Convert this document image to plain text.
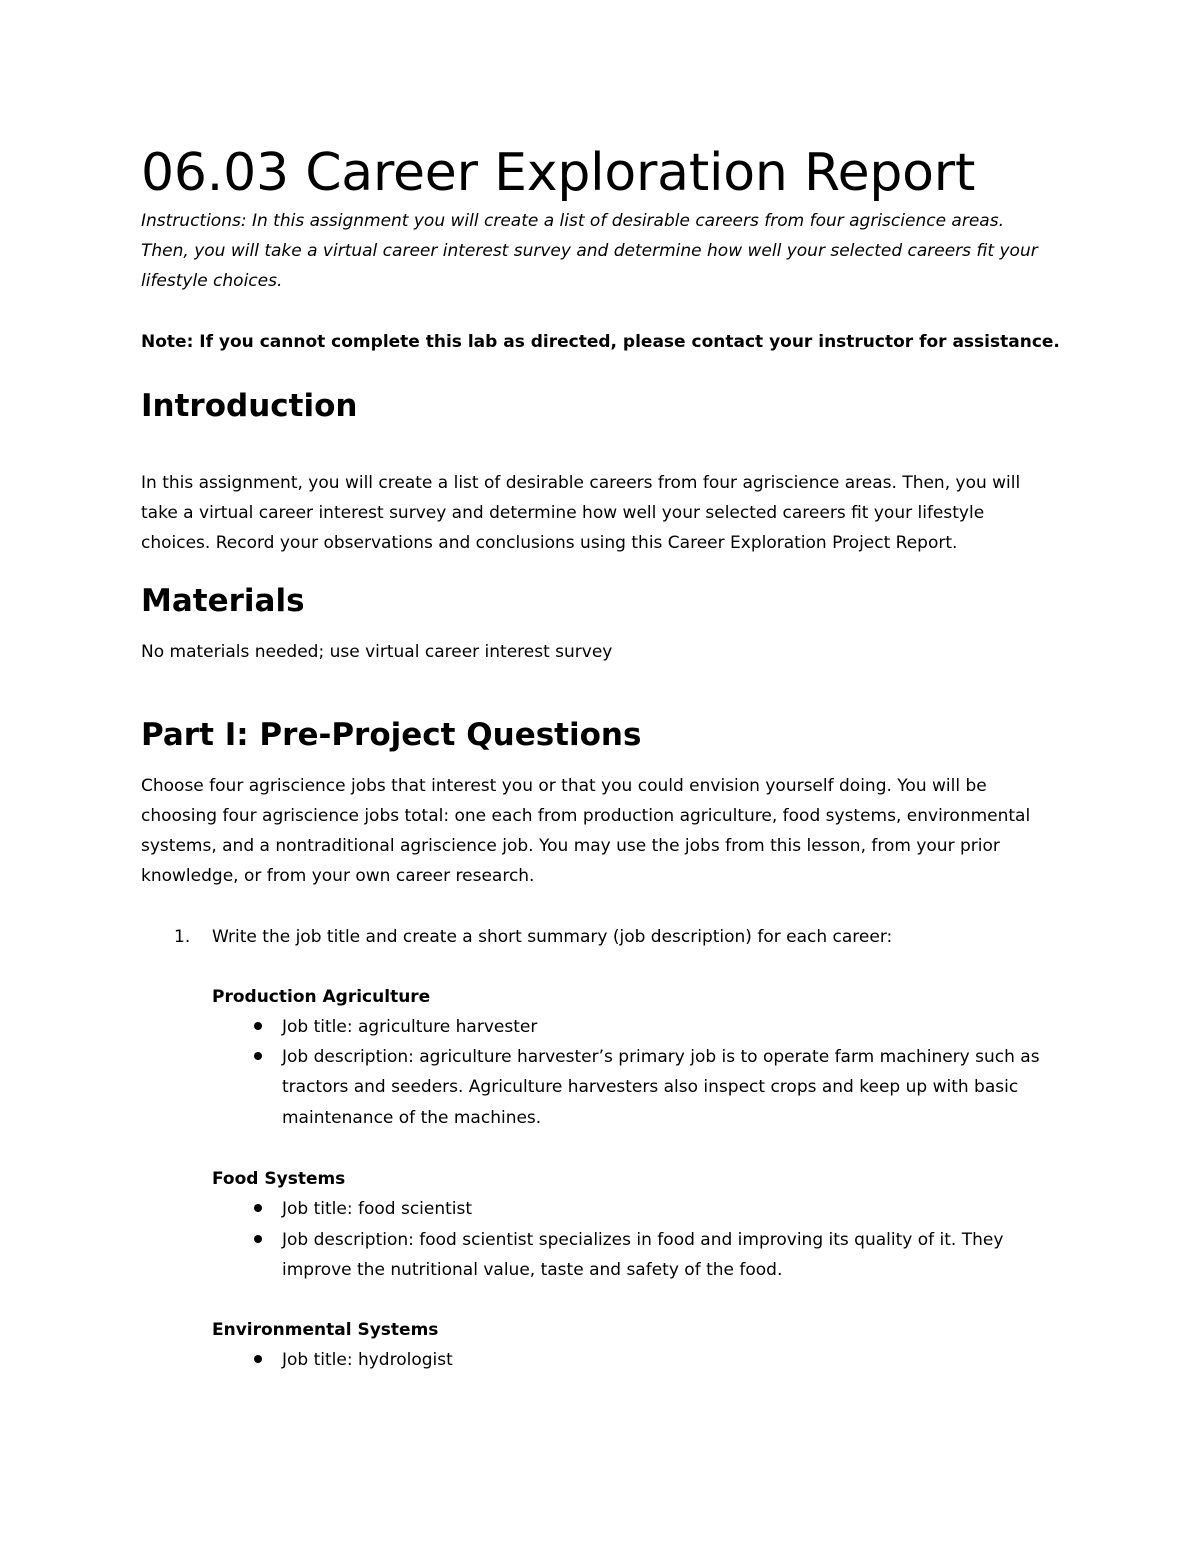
06.03 Career Exploration Report
Instructions: In this assignment you will create a list of desirable careers from four agriscience areas.
Then, you will take a virtual career interest survey and determine how well your selected careers fit your
lifestyle choices.
Note: If you cannot complete this lab as directed, please contact your instructor for assistance.
Introduction
In this assignment, you will create a list of desirable careers from four agriscience areas. Then, you will
take a virtual career interest survey and determine how well your selected careers fit your lifestyle
choices. Record your observations and conclusions using this Career Exploration Project Report.
Materials
No materials needed; use virtual career interest survey
Part I: Pre-Project Questions
Choose four agriscience jobs that interest you or that you could envision yourself doing. You will be
choosing four agriscience jobs total: one each from production agriculture, food systems, environmental
systems, and a nontraditional agriscience job. You may use the jobs from this lesson, from your prior
knowledge, or from your own career research.
1. Write the job title and create a short summary (job description) for each career:
Production Agriculture
Job title: agriculture harvester
Job description: agriculture harvester’s primary job is to operate farm machinery such as
tractors and seeders. Agriculture harvesters also inspect crops and keep up with basic
maintenance of the machines.
Food Systems
Job title: food scientist
Job description: food scientist specializes in food and improving its quality of it. They
improve the nutritional value, taste and safety of the food.
Environmental Systems
Job title: hydrologist
